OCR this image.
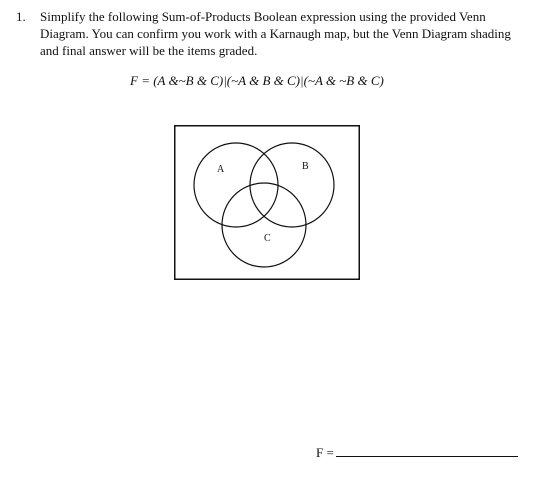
1. Simplify the following Sum-of-Products Boolean expression using the provided Venn
Diagram. You can confirm you work with a Karnaugh map, but the Venn Diagram shading
and final answer will be the items graded.
F = (A &~B & C)|(~A & B & C)|(~A & ~B & C)
A	B
C
F =
